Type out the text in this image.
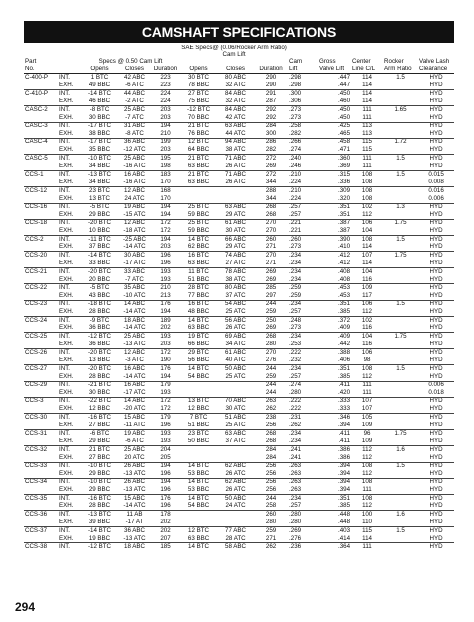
CAMSHAFT SPECIFICATIONS
					SAE Specs@ (0.06/Rocker Arm Ratio) Cam Lift							
Part		Specs @ 0.50 Cam Lift						Cam	Gross	Center	Rocker	Valve Lash
No.		Opens	Closes	Duration	Opens	Closes	Duration	Lift	Valve Lift	Line C/L	Arm Ratio	Clearance
C-400-P	INT.	1 BTC	42 ABC	223	30 BTC	80 ABC	290	.298	.447	114	1.5	HYD
	EXH.	49 BBC	-6 ATC	223	78 BBC	32 ATC	290	.298	.447	114		HYD
C-410-P	INT.	-14 BTC	44 ABC	224	27 BTC	84 ABC	291	.300	.450	114		HYD
	EXH.	46 BBC	-2 ATC	224	75 BBC	32 ATC	287	.306	.460	114		HYD
CASC-2	INT.	-8 BTC	25 ABC	203	-12 BTC	84 ABC	292	.273	.450	111	1.65	HYD
	EXH.	30 BBC	-7 ATC	203	70 BBC	42 ATC	292	.273	.450	111		HYD
CASC-3	INT.	-17 BTC	31 ABC	194	21 BTC	63 ABC	284	.258	.425	113		HYD
	EXH.	38 BBC	-8 ATC	210	76 BBC	44 ATC	300	.282	.465	113		HYD
CASC-4	INT.	-17 BTC	36 ABC	199	12 BTC	94 ABC	286	.266	.458	115	1.72	HYD
	EXH.	35 BBC	-12 ATC	203	64 BBC	38 ATC	282	.274	.471	115		HYD
CASC-5	INT.	-10 BTC	25 ABC	195	21 BTC	71 ABC	272	.240	.360	111	1.5	HYD
	EXH.	34 BBC	-16 ATC	198	63 BBC	26 ATC	269	.246	.369	111		HYD
CCS-1	INT.	-13 BTC	16 ABC	183	21 BTC	71 ABC	272	.210	.315	108	1.5	0.015
	EXH.	34 BBC	-16 ATC	170	63 BBC	26 ATC	344	.224	.336	108		0.008
CCS-12	INT.	23 BTC	12 ABC	168			288	.210	.309	108		0.016
	EXH.	13 BTC	24 ATC	170			344	.224	.320	108		0.006
CCS-16	INT.	-5 BTC	19 ABC	194	25 BTC	63 ABC	268	.257	.351	102	1.3	HYD
	EXH.	29 BBC	-15 ATC	194	59 BBC	29 ATC	268	.257	.351	112		HYD
CCS-18	INT.	-20 BTC	12 ABC	172	25 BTC	61 ABC	270	.221	.387	106	1.75	HYD
	EXH.	10 BBC	-18 ATC	172	59 BBC	30 ATC	270	.221	.387	104		HYD
CCS-2	INT.	-11 BTC	-25 ABC	194	14 BTC	66 ABC	260	.260	.390	108	1.5	HYD
	EXH.	37 BBC	-14 ATC	203	62 BBC	29 ATC	271	.273	.410	114		HYD
CCS-20	INT.	-14 BTC	30 ABC	196	16 BTC	74 ABC	270	.234	.412	107	1.75	HYD
	EXH.	33 BBC	-17 ATC	196	63 BBC	27 ATC	271	.234	.412	114		HYD
CCS-21	INT.	-20 BTC	33 ABC	193	11 BTC	78 ABC	269	.234	.408	104		HYD
	EXH.	20 BBC	-7 ATC	193	51 BBC	38 ATC	269	.234	.408	116		HYD
CCS-22	INT.	-5 BTC	35 ABC	210	28 BTC	80 ABC	285	.259	.453	109		HYD
	EXH.	43 BBC	-10 ATC	213	77 BBC	37 ATC	297	.259	.453	117		HYD
CCS-23	INT.	-18 BTC	14 ABC	176	16 BTC	54 ABC	244	.234	.351	106	1.5	HYD
	EXH.	28 BBC	-14 ATC	194	48 BBC	25 ATC	259	.257	.385	112		HYD
CCS-24	INT.	-9 BTC	18 ABC	189	14 BTC	56 ABC	250	.248	.372	102		HYD
	EXH.	36 BBC	-14 ATC	202	63 BBC	26 ATC	269	.273	.409	116		HYD
CCS-25	INT.	-12 BTC	25 ABC	193	19 BTC	69 ABC	268	.234	.409	104	1.75	HYD
	EXH.	36 BBC	-13 ATC	203	66 BBC	34 ATC	280	.253	.442	116		HYD
CCS-26	INT.	-20 BTC	12 ABC	172	29 BTC	61 ABC	270	.222	.388	106		HYD
	EXH.	13 BBC	-3 ATC	190	56 BBC	40 ATC	276	.232	.406	98		HYD
CCS-27	INT.	-20 BTC	16 ABC	176	14 BTC	50 ABC	244	.234	.351	108	1.5	HYD
	EXH.	28 BBC	-14 ATC	194	54 BBC	25 ATC	259	.257	.385	112		HYD
CCS-29	INT.	-21 BTC	16 ABC	179			244	.274	.411	111		0.006
	EXH.	30 BBC	-17 ATC	193			244	.280	.420	111		0.018
CCS-3	INT.	-22 BTC	14 ABC	172	13 BTC	70 ABC	263	.222	.333	107		HYD
	EXH.	12 BBC	-20 ATC	172	12 BBC	30 ATC	262	.222	.333	107		HYD
CCS-30	INT.	-16 BTC	15 ABC	179	7 BTC	51 ABC	238	.231	.346	105		HYD
	EXH.	27 BBC	-11 ATC	196	51 BBC	25 ATC	256	.262	.394	109		HYD
CCS-31	INT.	-6 BTC	19 ABC	193	23 BTC	63 ABC	268	.234	.411	96	1.75	HYD
	EXH.	29 BBC	-6 ATC	193	50 BBC	37 ATC	268	.234	.411	109		HYD
CCS-32	INT.	21 BTC	25 ABC	204			284	.241	.386	112	1.6	HYD
	EXH.	27 BBC	20 ATC	205			284	.241	.386	112		HYD
CCS-33	INT.	-10 BTC	26 ABC	194	14 BTC	62 ABC	256	.263	.394	108	1.5	HYD
	EXH.	29 BBC	-13 ATC	196	53 BBC	26 ATC	256	.263	.394	112		HYD
CCS-34	INT.	-10 BTC	26 ABC	194	14 BTC	62 ABC	256	.263	.394	108		HYD
	EXH.	29 BBC	-13 ATC	196	53 BBC	26 ATC	256	.263	.394	111		HYD
CCS-35	INT.	-16 BTC	15 ABC	176	14 BTC	50 ABC	244	.234	.351	108		HYD
	EXH.	28 BBC	-14 ATC	196	54 BBC	24 ATC	258	.257	.385	112		HYD
CCS-36	INT.	-13 BTC	11 AB	178			260	.280	.448	100	1.6	HYD
	EXH.	39 BBC	-17 AT	202			280	.280	.448	110		HYD
CCS-37	INT.	-14 BTC	36 ABC	202	12 BTC	77 ABC	259	.269	.403	115	1.5	HYD
	EXH.	19 BBC	-13 ATC	207	63 BBC	28 ATC	271	.276	.414	114		HYD
CCS-38	INT.	-12 BTC	18 ABC	185	14 BTC	58 ABC	262	.236	.364	111		HYD
294
